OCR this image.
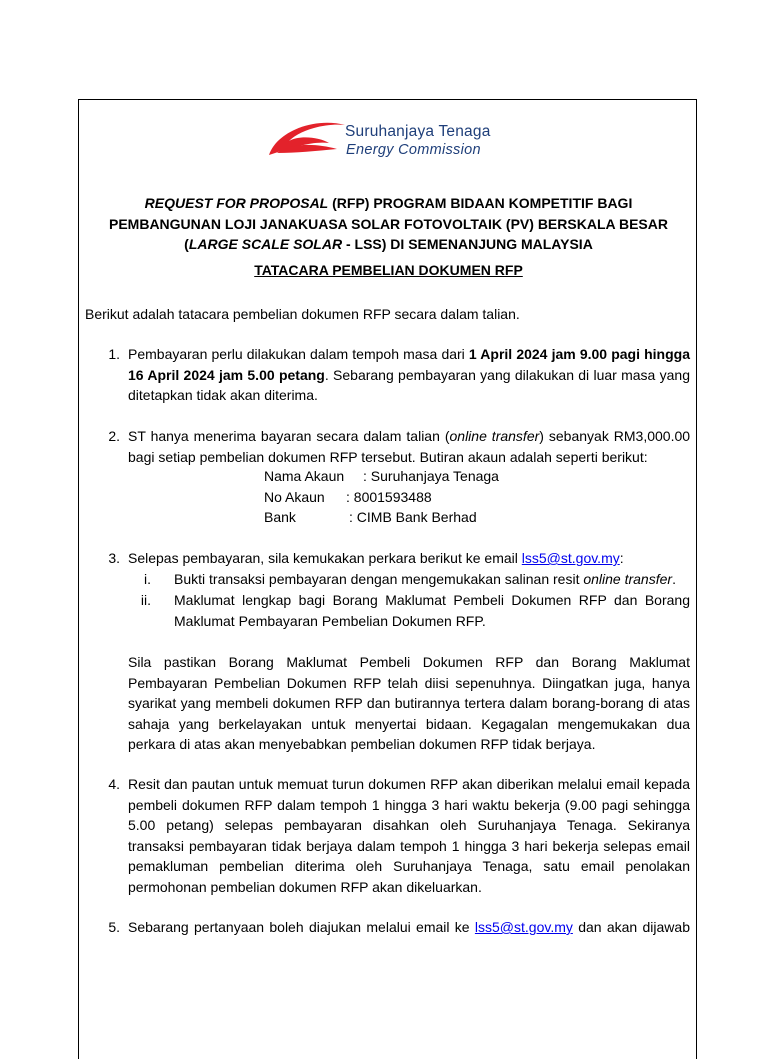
Suruhanjaya Tenaga
Energy Commission
REQUEST FOR PROPOSAL (RFP) PROGRAM BIDAAN KOMPETITIF BAGI PEMBANGUNAN LOJI JANAKUASA SOLAR FOTOVOLTAIK (PV) BERSKALA BESAR (LARGE SCALE SOLAR - LSS) DI SEMENANJUNG MALAYSIA
TATACARA PEMBELIAN DOKUMEN RFP
Berikut adalah tatacara pembelian dokumen RFP secara dalam talian.
1. Pembayaran perlu dilakukan dalam tempoh masa dari 1 April 2024 jam 9.00 pagi hingga 16 April 2024 jam 5.00 petang. Sebarang pembayaran yang dilakukan di luar masa yang ditetapkan tidak akan diterima.
2. ST hanya menerima bayaran secara dalam talian (online transfer) sebanyak RM3,000.00 bagi setiap pembelian dokumen RFP tersebut. Butiran akaun adalah seperti berikut:
Nama Akaun : Suruhanjaya Tenaga
No Akaun : 8001593488
Bank	: CIMB Bank Berhad
3. Selepas pembayaran, sila kemukakan perkara berikut ke email lss5@st.gov.my:
i. Bukti transaksi pembayaran dengan mengemukakan salinan resit online transfer.
ii. Maklumat lengkap bagi Borang Maklumat Pembeli Dokumen RFP dan Borang Maklumat Pembayaran Pembelian Dokumen RFP.
Sila pastikan Borang Maklumat Pembeli Dokumen RFP dan Borang Maklumat Pembayaran Pembelian Dokumen RFP telah diisi sepenuhnya. Diingatkan juga, hanya syarikat yang membeli dokumen RFP dan butirannya tertera dalam borang-borang di atas sahaja yang berkelayakan untuk menyertai bidaan. Kegagalan mengemukakan dua perkara di atas akan menyebabkan pembelian dokumen RFP tidak berjaya.
4. Resit dan pautan untuk memuat turun dokumen RFP akan diberikan melalui email kepada pembeli dokumen RFP dalam tempoh 1 hingga 3 hari waktu bekerja (9.00 pagi sehingga 5.00 petang) selepas pembayaran disahkan oleh Suruhanjaya Tenaga. Sekiranya transaksi pembayaran tidak berjaya dalam tempoh 1 hingga 3 hari bekerja selepas email pemakluman pembelian diterima oleh Suruhanjaya Tenaga, satu email penolakan permohonan pembelian dokumen RFP akan dikeluarkan.
5. Sebarang pertanyaan boleh diajukan melalui email ke lss5@st.gov.my dan akan dijawab
